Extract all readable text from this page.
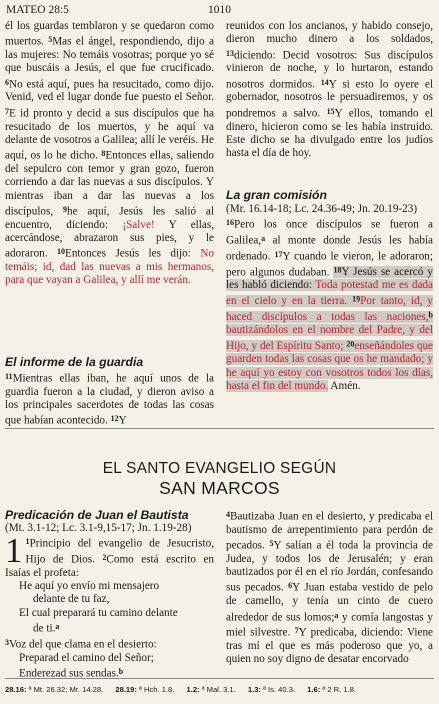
MATEO 28:5	1010

él los guardas temblaron y se quedaron como muertos. $^5$Mas el ángel, respondiendo, dijo a las mujeres: No temáis vosotras; porque yo sé que buscáis a Jesús, el que fue crucificado. $^6$No está aquí, pues ha resucitado, como dijo. Venid, ved el lugar donde fue puesto el Señor. $^7$E id pronto y decid a sus discípulos que ha resucitado de los muertos, y he aquí va delante de vosotros a Galilea; allí le veréis. He aquí, os lo he dicho. $^8$Entonces ellas, saliendo del sepulcro con temor y gran gozo, fueron corriendo a dar las nuevas a sus discípulos. Y mientras iban a dar las nuevas a los discípulos, $^9$he aquí, Jesús les salió al encuentro, diciendo: ¡Salve! Y ellas, acercándose, abrazaron sus pies, y le adoraron. $^{10}$Entonces Jesús les dijo: No temáis; id, dad las nuevas a mis hermanos, para que vayan a Galilea, y allí me verán.

El informe de la guardia

$^{11}$Mientras ellas iban, he aquí unos de la guardia fueron a la ciudad, y dieron aviso a los principales sacerdotes de todas las cosas que habían acontecido. $^{12}$Y

reunidos con los ancianos, y habido consejo, dieron mucho dinero a los soldados, $^{13}$diciendo: Decid vosotros: Sus discípulos vinieron de noche, y lo hurtaron, estando nosotros dormidos. $^{14}$Y si esto lo oyere el gobernador, nosotros le persuadiremos, y os pondremos a salvo. $^{15}$Y ellos, tomando el dinero, hicieron como se les había instruido. Este dicho se ha divulgado entre los judíos hasta el día de hoy.

La gran comisión

(Mr. 16.14-18; Lc. 24.36-49; Jn. 20.19-23)

$^{16}$Pero los once discípulos se fueron a Galilea,$^a$ al monte donde Jesús les había ordenado. $^{17}$Y cuando le vieron, le adoraron; pero algunos dudaban. $^{18}$Y Jesús se acercó y les habló diciendo: Toda potestad me es dada en el cielo y en la tierra. $^{19}$Por tanto, id, y haced discípulos a todas las naciones,$^b$ bautizándolos en el nombre del Padre, y del Hijo, y del Espíritu Santo; $^{20}$enseñándoles que guarden todas las cosas que os he mandado; y he aquí yo estoy con vosotros todos los días, hasta el fin del mundo. Amén.

EL SANTO EVANGELIO SEGÚN
SAN MARCOS
Predicación de Juan el Bautista

(Mt. 3.1-12; Lc. 3.1-9,15-17; Jn. 1.19-28)

1 $^1$Principio del evangelio de Jesucristo, Hijo de Dios. $^2$Como está escrito en Isaías el profeta:

He aquí yo envío mi mensajero
delante de tu faz,
El cual preparará tu camino delante
de ti.$^a$
$^3$Voz del que clama en el desierto:
Preparad el camino del Señor;
Enderezad sus sendas.$^b$

$^4$Bautizaba Juan en el desierto, y predicaba el bautismo de arrepentimiento para perdón de pecados. $^5$Y salían a él toda la provincia de Judea, y todos los de Jerusalén; y eran bautizados por él en el río Jordán, confesando sus pecados. $^6$Y Juan estaba vestido de pelo de camello, y tenía un cinto de cuero alrededor de sus lomos;$^a$ y comía langostas y miel silvestre. $^7$Y predicaba, diciendo: Viene tras mí el que es más poderoso que yo, a quien no soy digno de desatar encorvado

28.16: ª Mt. 26.32; Mr. 14.28. 28.19: ª Hch. 1.8. 1.2: ª Mal. 3.1. 1.3: ª Is. 40.3. 1.6: ª 2 R. 1.8.
